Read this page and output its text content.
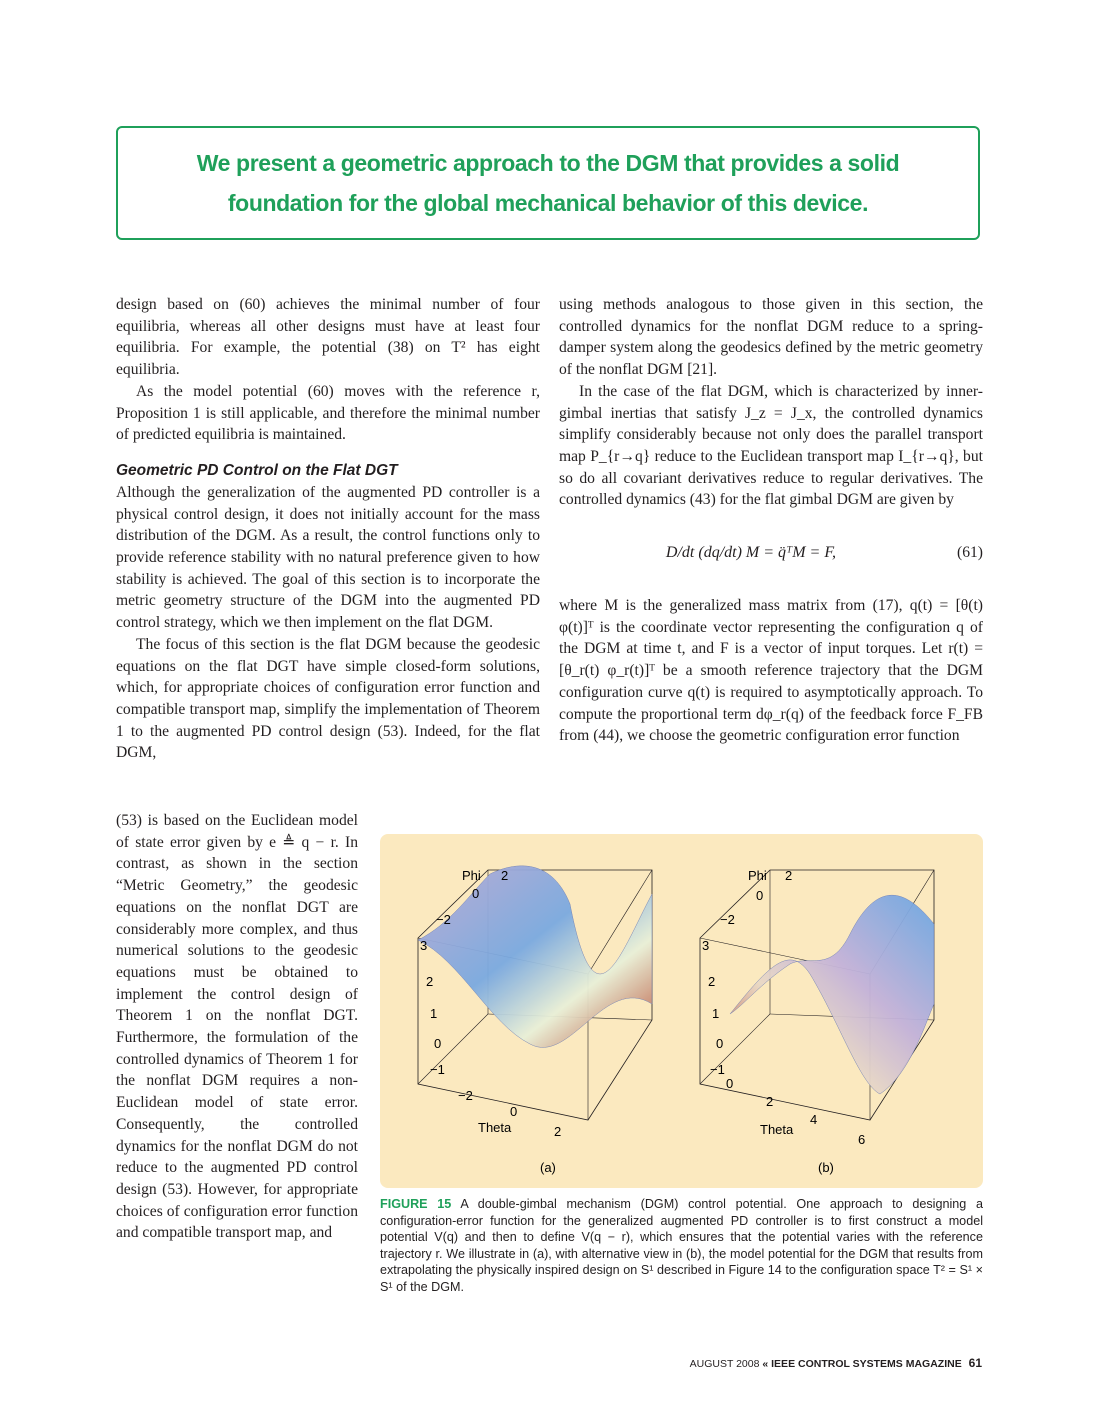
We present a geometric approach to the DGM that provides a solid
foundation for the global mechanical behavior of this device.

design based on (60) achieves the minimal number of four equilibria, whereas all other designs must have at least four equilibria. For example, the potential (38) on T² has eight equilibria.

As the model potential (60) moves with the reference r, Proposition 1 is still applicable, and therefore the minimal number of predicted equilibria is maintained.

Geometric PD Control on the Flat DGT

Although the generalization of the augmented PD controller is a physical control design, it does not initially account for the mass distribution of the DGM. As a result, the control functions only to provide reference stability with no natural preference given to how stability is achieved. The goal of this section is to incorporate the metric geometry structure of the DGM into the augmented PD control strategy, which we then implement on the flat DGM.

The focus of this section is the flat DGM because the geodesic equations on the flat DGT have simple closed-form solutions, which, for appropriate choices of configuration error function and compatible transport map, simplify the implementation of Theorem 1 to the augmented PD control design (53). Indeed, for the flat DGM,

(53) is based on the Euclidean model of state error given by e ≜ q − r. In contrast, as shown in the section “Metric Geometry,” the geodesic equations on the nonflat DGT are considerably more complex, and thus numerical solutions to the geodesic equations must be obtained to implement the control design of Theorem 1 on the nonflat DGT. Furthermore, the formulation of the controlled dynamics of Theorem 1 for the nonflat DGM requires a non-Euclidean model of state error. Consequently, the controlled dynamics for the nonflat DGM do not reduce to the augmented PD control design (53). However, for appropriate choices of configuration error function and compatible transport map, and

using methods analogous to those given in this section, the controlled dynamics for the nonflat DGM reduce to a spring-damper system along the geodesics defined by the metric geometry of the nonflat DGM [21].

In the case of the flat DGM, which is characterized by inner-gimbal inertias that satisfy J_z = J_x, the controlled dynamics simplify considerably because not only does the parallel transport map P_{r→q} reduce to the Euclidean transport map I_{r→q}, but so do all covariant derivatives reduce to regular derivatives. The controlled dynamics (43) for the flat gimbal DGM are given by

D/dt (dq/dt) M = q̈ᵀM = F,	(61)

where M is the generalized mass matrix from (17), q(t) = [θ(t) φ(t)]ᵀ is the coordinate vector representing the configuration q of the DGM at time t, and F is a vector of input torques. Let r(t) = [θ_r(t) φ_r(t)]ᵀ be a smooth reference trajectory that the DGM configuration curve q(t) is required to asymptotically approach. To compute the proportional term dφ_r(q) of the feedback force F_FB from (44), we choose the geometric configuration error function

Phi 2
0
−2
3
2
1
0
−1
−2
0
2
Theta
(a)
Phi 2
0
−2
3
2
1
0
−1
0
2
4
6
Theta
(b)
FIGURE 15 A double-gimbal mechanism (DGM) control potential. One approach to designing a configuration-error function for the generalized augmented PD controller is to first construct a model potential V(q) and then to define V(q − r), which ensures that the potential varies with the reference trajectory r. We illustrate in (a), with alternative view in (b), the model potential for the DGM that results from extrapolating the physically inspired design on S¹ described in Figure 14 to the configuration space T² = S¹ × S¹ of the DGM.
AUGUST 2008 « IEEE CONTROL SYSTEMS MAGAZINE 61
